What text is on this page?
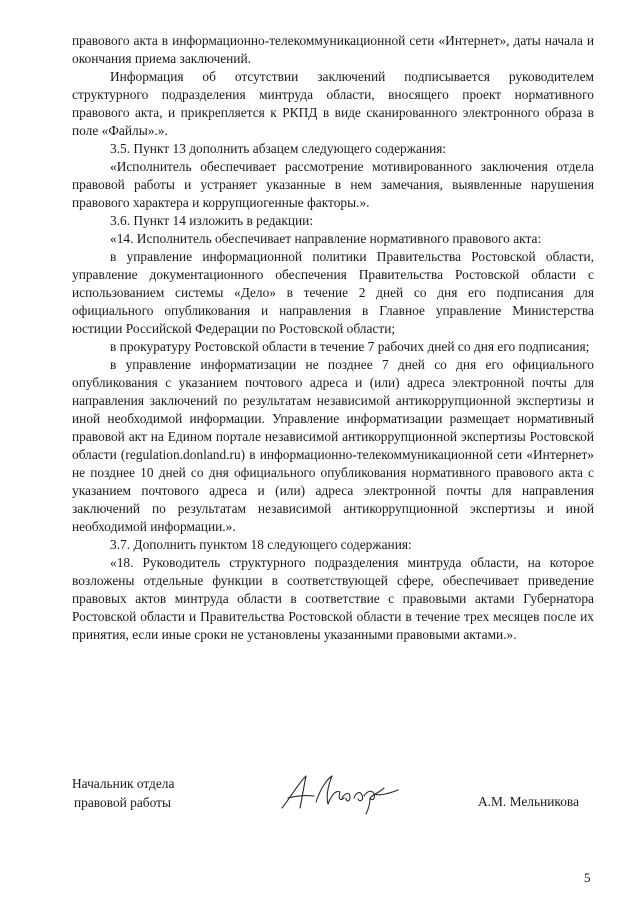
правового акта в информационно-телекоммуникационной сети «Интернет», даты начала и окончания приема заключений.

Информация об отсутствии заключений подписывается руководителем структурного подразделения минтруда области, вносящего проект нормативного правового акта, и прикрепляется к РКПД в виде сканированного электронного образа в поле «Файлы».».

3.5. Пункт 13 дополнить абзацем следующего содержания:

«Исполнитель обеспечивает рассмотрение мотивированного заключения отдела правовой работы и устраняет указанные в нем замечания, выявленные нарушения правового характера и коррупциогенные факторы.».

3.6. Пункт 14 изложить в редакции:

«14. Исполнитель обеспечивает направление нормативного правового акта:

в управление информационной политики Правительства Ростовской области, управление документационного обеспечения Правительства Ростовской области с использованием системы «Дело» в течение 2 дней со дня его подписания для официального опубликования и направления в Главное управление Министерства юстиции Российской Федерации по Ростовской области;

в прокуратуру Ростовской области в течение 7 рабочих дней со дня его подписания;

в управление информатизации не позднее 7 дней со дня его официального опубликования с указанием почтового адреса и (или) адреса электронной почты для направления заключений по результатам независимой антикоррупционной экспертизы и иной необходимой информации. Управление информатизации размещает нормативный правовой акт на Едином портале независимой антикоррупционной экспертизы Ростовской области (regulation.donland.ru) в информационно-телекоммуникационной сети «Интернет» не позднее 10 дней со дня официального опубликования нормативного правового акта с указанием почтового адреса и (или) адреса электронной почты для направления заключений по результатам независимой антикоррупционной экспертизы и иной необходимой информации.».

3.7. Дополнить пунктом 18 следующего содержания:

«18. Руководитель структурного подразделения минтруда области, на которое возложены отдельные функции в соответствующей сфере, обеспечивает приведение правовых актов минтруда области в соответствие с правовыми актами Губернатора Ростовской области и Правительства Ростовской области в течение трех месяцев после их принятия, если иные сроки не установлены указанными правовыми актами.».

Начальник отдела
правовой работы	А.М. Мельникова
5
